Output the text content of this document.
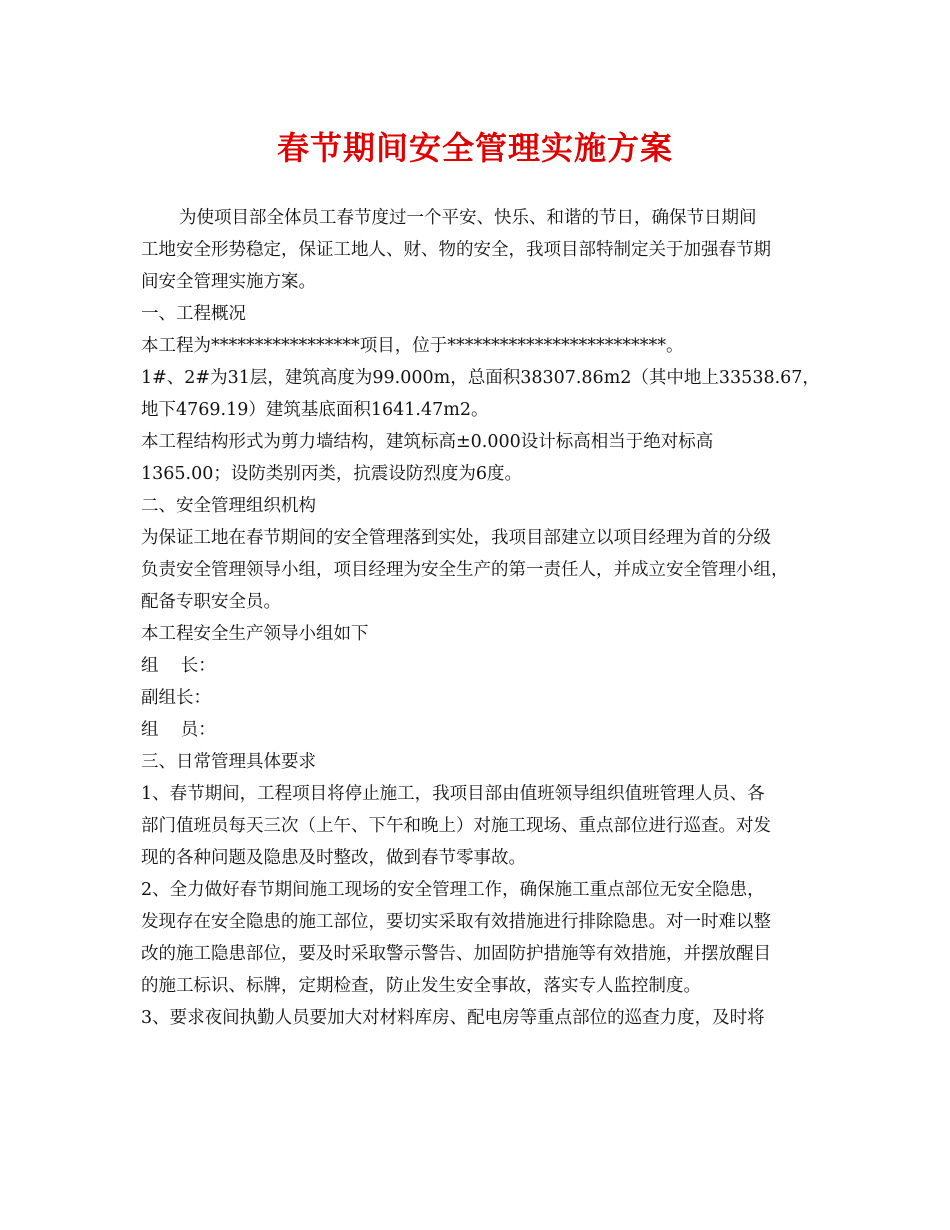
春节期间安全管理实施方案
为使项目部全体员工春节度过一个平安、快乐、和谐的节日，确保节日期间
工地安全形势稳定，保证工地人、财、物的安全，我项目部特制定关于加强春节期
间安全管理实施方案。
一、工程概况
本工程为*****************项目，位于*************************。
1#、2#为31层，建筑高度为99.000m，总面积38307.86m2（其中地上33538.67，
地下4769.19）建筑基底面积1641.47m2。
本工程结构形式为剪力墙结构，建筑标高±0.000设计标高相当于绝对标高
1365.00；设防类别丙类，抗震设防烈度为6度。
二、安全管理组织机构
为保证工地在春节期间的安全管理落到实处，我项目部建立以项目经理为首的分级
负责安全管理领导小组，项目经理为安全生产的第一责任人，并成立安全管理小组，
配备专职安全员。
本工程安全生产领导小组如下
组    长：
副组长：
组    员：
三、日常管理具体要求
1、春节期间，工程项目将停止施工，我项目部由值班领导组织值班管理人员、各
部门值班员每天三次（上午、下午和晚上）对施工现场、重点部位进行巡查。对发
现的各种问题及隐患及时整改，做到春节零事故。
2、全力做好春节期间施工现场的安全管理工作，确保施工重点部位无安全隐患，
发现存在安全隐患的施工部位，要切实采取有效措施进行排除隐患。对一时难以整
改的施工隐患部位，要及时采取警示警告、加固防护措施等有效措施，并摆放醒目
的施工标识、标牌，定期检查，防止发生安全事故，落实专人监控制度。
3、要求夜间执勤人员要加大对材料库房、配电房等重点部位的巡查力度，及时将
